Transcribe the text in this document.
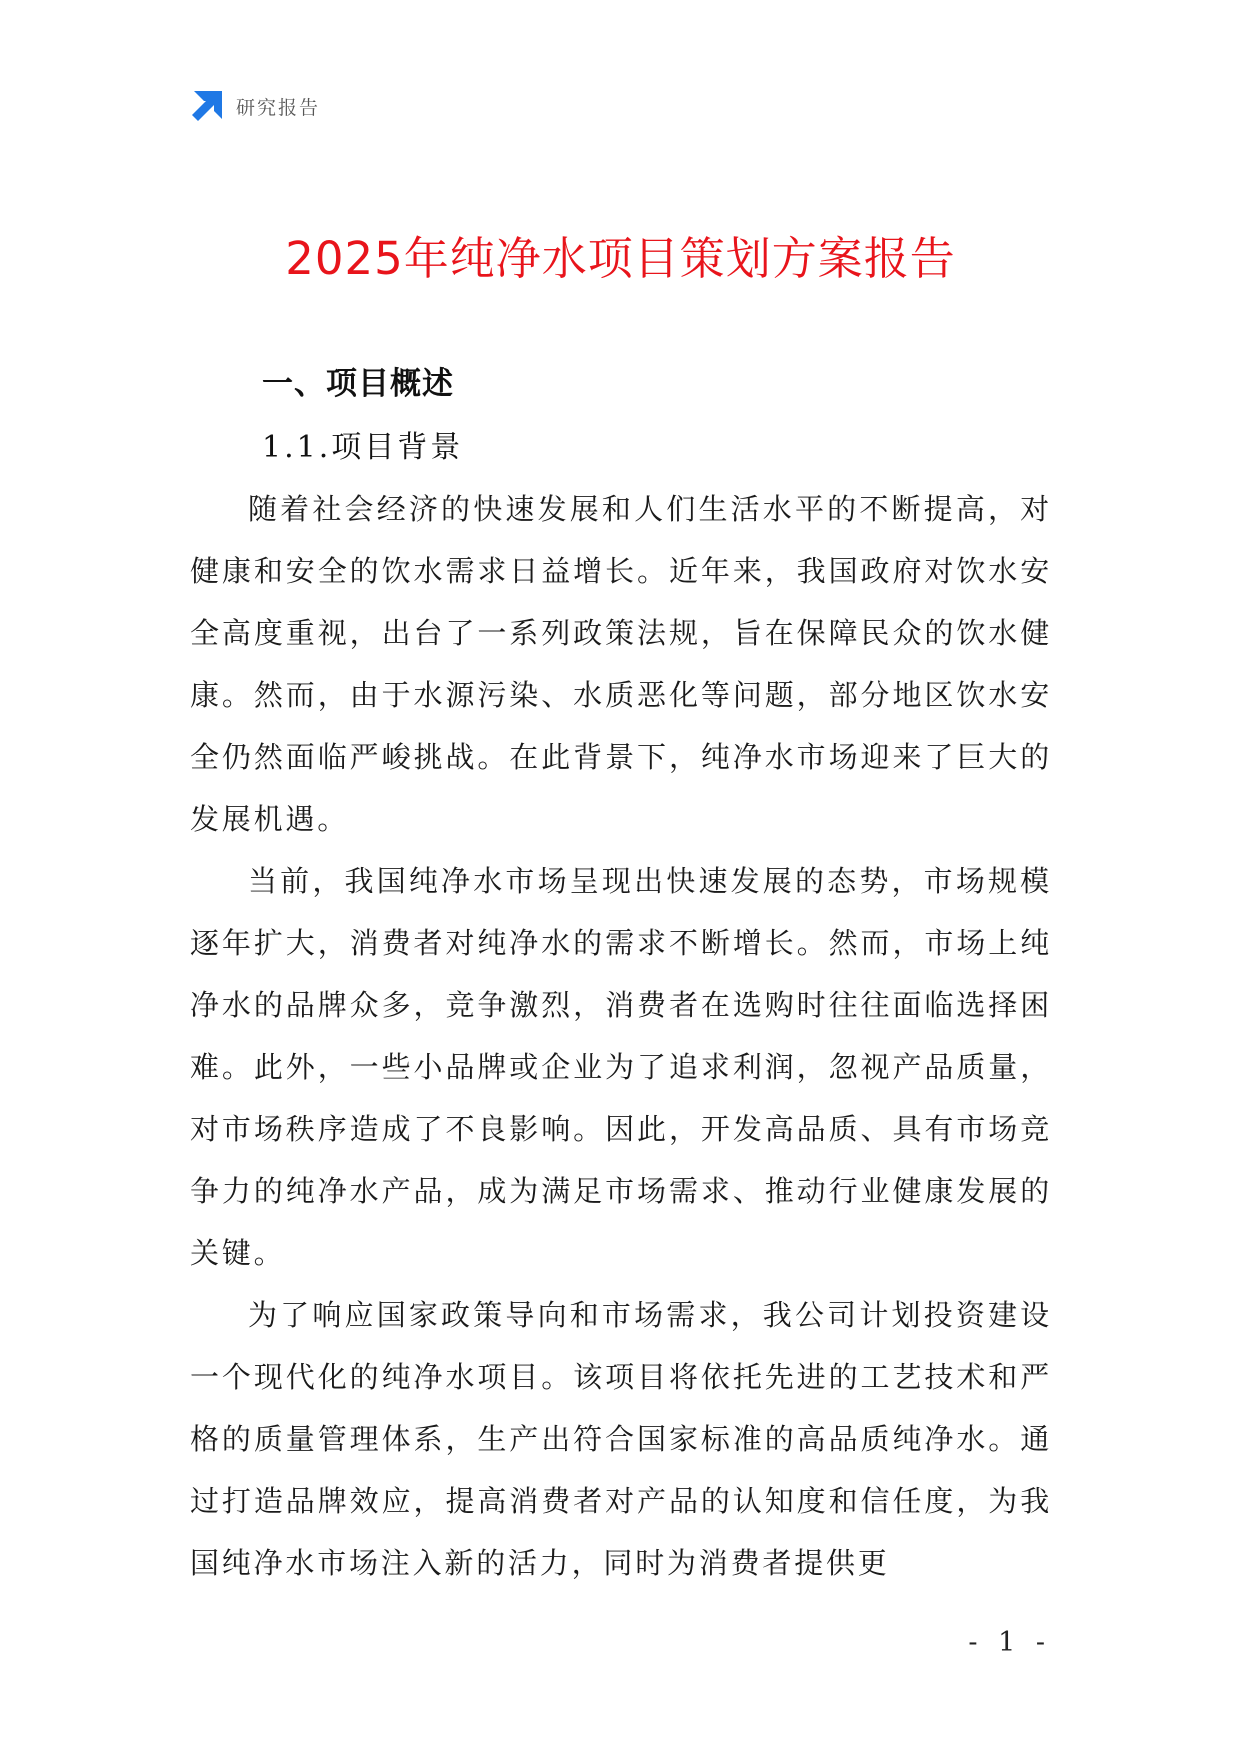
研究报告
2025年纯净水项目策划方案报告
一、项目概述
1.1.项目背景

随着社会经济的快速发展和人们生活水平的不断提高，对健康和安全的饮水需求日益增长。近年来，我国政府对饮水安全高度重视，出台了一系列政策法规，旨在保障民众的饮水健康。然而，由于水源污染、水质恶化等问题，部分地区饮水安全仍然面临严峻挑战。在此背景下，纯净水市场迎来了巨大的发展机遇。

当前，我国纯净水市场呈现出快速发展的态势，市场规模逐年扩大，消费者对纯净水的需求不断增长。然而，市场上纯净水的品牌众多，竞争激烈，消费者在选购时往往面临选择困难。此外，一些小品牌或企业为了追求利润，忽视产品质量，对市场秩序造成了不良影响。因此，开发高品质、具有市场竞争力的纯净水产品，成为满足市场需求、推动行业健康发展的关键。

为了响应国家政策导向和市场需求，我公司计划投资建设一个现代化的纯净水项目。该项目将依托先进的工艺技术和严格的质量管理体系，生产出符合国家标准的高品质纯净水。通过打造品牌效应，提高消费者对产品的认知度和信任度，为我国纯净水市场注入新的活力，同时为消费者提供更

- 1 -
